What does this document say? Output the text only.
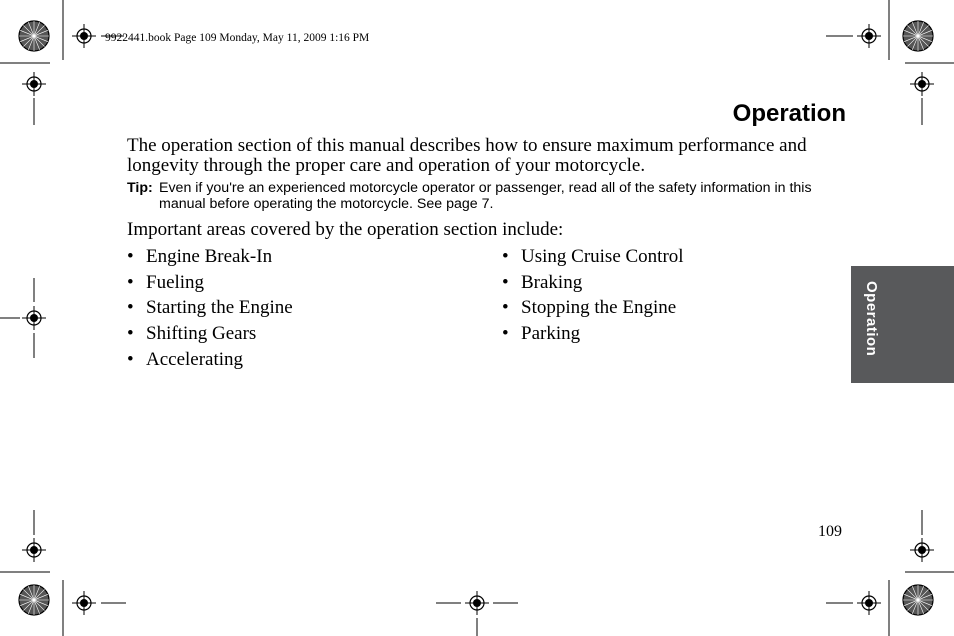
9922441.book Page 109 Monday, May 11, 2009 1:16 PM
Operation
The operation section of this manual describes how to ensure maximum performance and longevity through the proper care and operation of your motorcycle.
Tip: Even if you're an experienced motorcycle operator or passenger, read all of the safety information in this manual before operating the motorcycle. See page 7.
Important areas covered by the operation section include:
• Engine Break-In
• Fueling
• Starting the Engine
• Shifting Gears
• Accelerating
• Using Cruise Control
• Braking
• Stopping the Engine
• Parking	Operation
109
